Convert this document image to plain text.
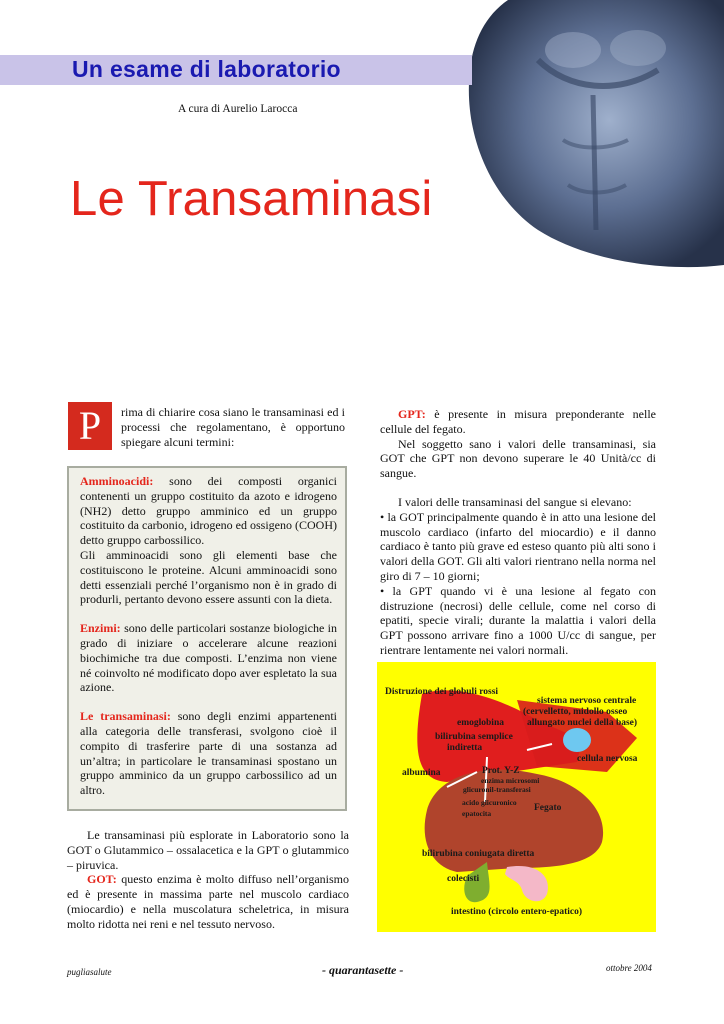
Un esame di laboratorio
A cura di Aurelio Larocca
Le Transaminasi
P	rima di chiarire cosa siano le transaminasi ed i processi che regolamentano, è opportuno spiegare alcuni termini:

Amminoacidi: sono dei composti organici contenenti un gruppo costituito da azoto e idrogeno (NH2) detto gruppo amminico ed un gruppo costituito da carbonio, idrogeno ed ossigeno (COOH) detto gruppo carbossilico.
Gli amminoacidi sono gli elementi base che costituiscono le proteine. Alcuni amminoacidi sono detti essenziali perché l’organismo non è in grado di produrli, pertanto devono essere assunti con la dieta.

Enzimi: sono delle particolari sostanze biologiche in grado di iniziare o accelerare alcune reazioni biochimiche tra due composti. L’enzima non viene né coinvolto né modificato dopo aver espletato la sua azione.

Le transaminasi: sono degli enzimi appartenenti alla categoria delle transferasi, svolgono cioè il compito di trasferire parte di una sostanza ad un’altra; in particolare le transaminasi spostano un gruppo amminico da un gruppo carbossilico ad un altro.

Le transaminasi più esplorate in Laboratorio sono la GOT o Glutammico – ossalacetica e la GPT o glutammico – piruvica.

GOT: questo enzima è molto diffuso nell’organismo ed è presente in massima parte nel muscolo cardiaco (miocardio) e nella muscolatura scheletrica, in misura molto ridotta nei reni e nel tessuto nervoso.

GPT: è presente in misura preponderante nelle cellule del fegato.

Nel soggetto sano i valori delle transaminasi, sia GOT che GPT non devono superare le 40 Unità/cc di sangue.

I valori delle transaminasi del sangue si elevano:

• la GOT principalmente quando è in atto una lesione del muscolo cardiaco (infarto del miocardio) e il danno cardiaco è tanto più grave ed esteso quanto più alti sono i valori della GOT. Gli alti valori rientrano nella norma nel giro di 7 – 10 giorni;

• la GPT quando vi è una lesione al fegato con distruzione (necrosi) delle cellule, come nel corso di epatiti, specie virali; durante la malattia i valori della GPT possono arrivare fino a 1000 U/cc di sangue, per rientrare lentamente nei valori normali.

Distruzione dei globuli rossi
sistema nervoso centrale
(cervelletto, midollo osseo
allungato nuclei della base)
emoglobina
bilirubina semplice
indiretta
cellula nervosa
albumina	Prot. Y-Z
enzima microsomi
glicuronil-transferasi
acido glicuronico
epatocita
Fegato
bilirubina coniugata diretta
colecisti
intestino (circolo entero-epatico)
pugliasalute	- quarantasette -	ottobre 2004
